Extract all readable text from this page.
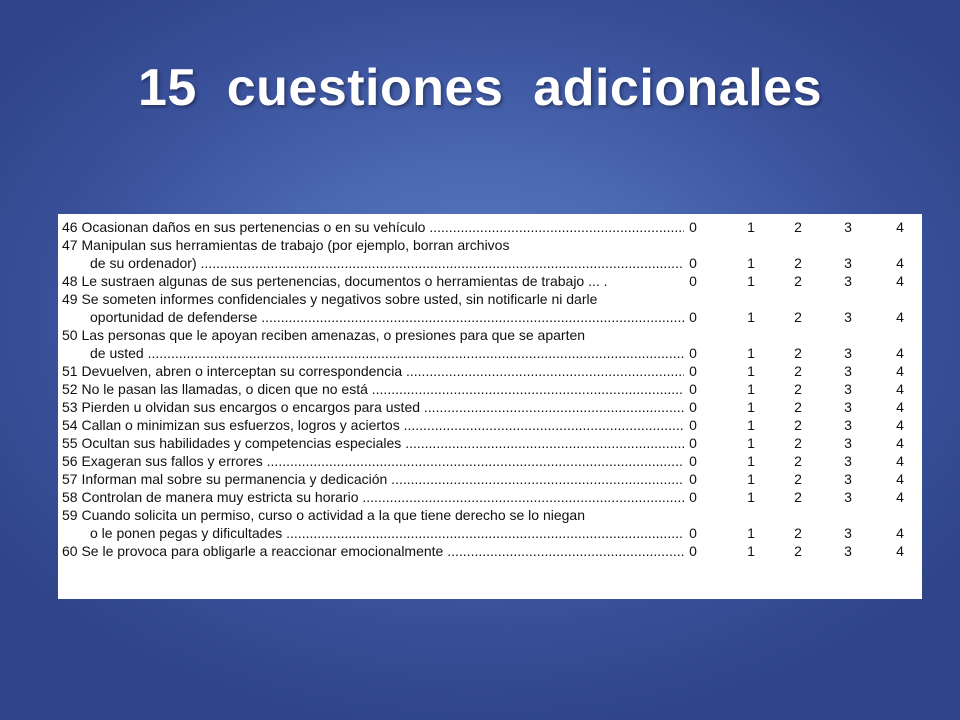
15  cuestiones  adicionales
46 Ocasionan daños en sus pertenencias o en su vehículo .....	0	1	2	3	4
47 Manipulan sus herramientas de trabajo (por ejemplo, borran archivos
de su ordenador) .....	0	1	2	3	4
48 Le sustraen algunas de sus pertenencias, documentos o herramientas de trabajo ... .	0	1	2	3	4
49 Se someten informes confidenciales y negativos sobre usted, sin notificarle ni darle
oportunidad de defenderse .....	0	1	2	3	4
50 Las personas que le apoyan reciben amenazas, o presiones para que se aparten
de usted .....	0	1	2	3	4
51 Devuelven, abren o interceptan su correspondencia .....	0	1	2	3	4
52 No le pasan las llamadas, o dicen que no está .....	0	1	2	3	4
53 Pierden u olvidan sus encargos o encargos para usted .....	0	1	2	3	4
54 Callan o minimizan sus esfuerzos, logros y aciertos .....	0	1	2	3	4
55 Ocultan sus habilidades y competencias especiales .....	0	1	2	3	4
56 Exageran sus fallos y errores .....	0	1	2	3	4
57 Informan mal sobre su permanencia y dedicación .....	0	1	2	3	4
58 Controlan de manera muy estricta su horario .....	0	1	2	3	4
59 Cuando solicita un permiso, curso o actividad a la que tiene derecho se lo niegan
o le ponen pegas y dificultades .....	0	1	2	3	4
60 Se le provoca para obligarle a reaccionar emocionalmente .....	0	1	2	3	4
